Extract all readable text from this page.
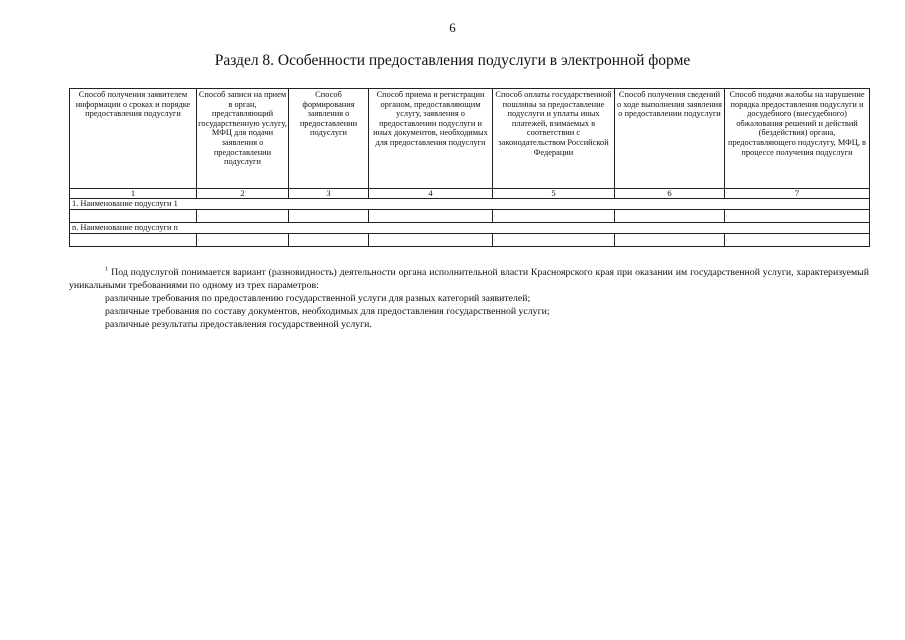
6
Раздел 8. Особенности предоставления подуслуги в электронной форме
Способ получения заявителем информации о сроках и порядке предоставления подуслуги	Способ записи на прием в орган, представляющий государственную услугу, МФЦ для подачи заявления о предоставлении подуслуги	Способ формирования заявления о предоставлении подуслуги	Способ приема и регистрации органом, предоставляющим услугу, заявления о предоставлении подуслуги и иных документов, необходимых для предоставления подуслуги	Способ оплаты государственной пошлины за предоставление подуслуги и уплаты иных платежей, взимаемых в соответствии с законодательством Российской Федерации	Способ получения сведений о ходе выполнения заявления о предоставлении подуслуги	Способ подачи жалобы на нарушение порядка предоставления подуслуги и досудебного (внесудебного) обжалования решений и действий (бездействия) органа, предоставляющего подуслугу, МФЦ, в процессе получения подуслуги
1	2	3	4	5	6	7
1. Наименование подуслуги 1						

n. Наименование подуслуги n						

$^1$ Под подуслугой понимается вариант (разновидность) деятельности органа исполнительной власти Красноярского края при оказании им государственной услуги, характеризуемый уникальными требованиями по одному из трех параметров:

различные требования по предоставлению государственной услуги для разных категорий заявителей;

различные требования по составу документов, необходимых для предоставления государственной услуги;

различные результаты предоставления государственной услуги.
